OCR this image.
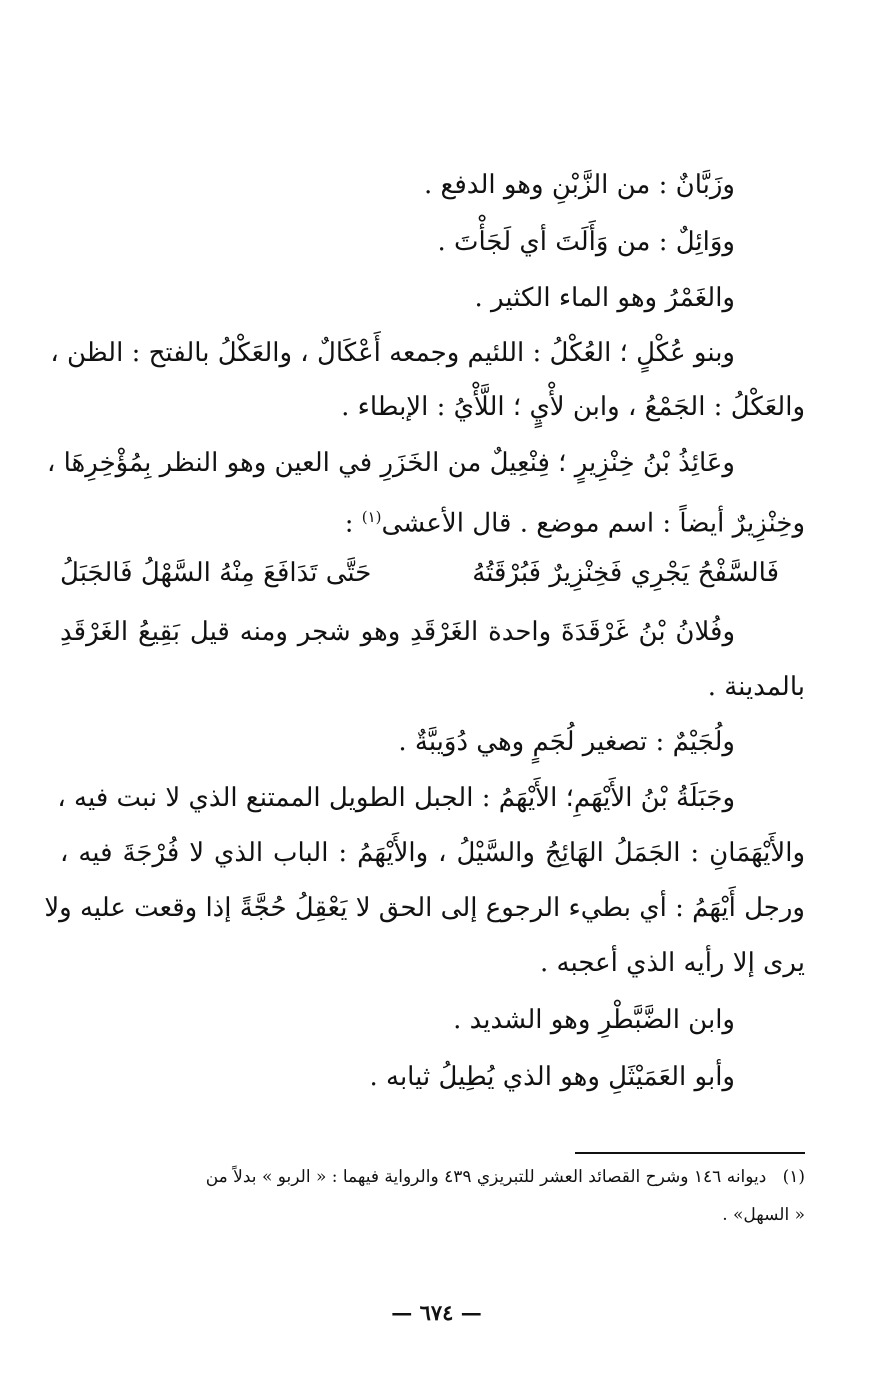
وزَبَّانٌ : من الزَّبْنِ وهو الدفع .
ووَائِلٌ : من وَأَلَتَ أي لَجَأْتَ .
والغَمْرُ وهو الماء الكثير .
وبنو عُكْلٍ ؛ العُكْلُ : اللئيم وجمعه أَعْكَالٌ ، والعَكْلُ بالفتح : الظن ،
والعَكْلُ : الجَمْعُ ، وابن لأْيٍ ؛ اللَّأْيُ : الإبطاء .
وعَائِذُ بْنُ خِنْزِيرٍ ؛ فِنْعِيلٌ من الخَزَرِ في العين وهو النظر بِمُؤْخِرِهَا ،
وخِنْزِيرٌ أيضاً : اسم موضع . قال الأعشى$^{(١)}$ :
فَالسَّفْحُ يَجْرِي فَخِنْزِيرٌ فَبُرْقَتُهُ
حَتَّى تَدَافَعَ مِنْهُ السَّهْلُ فَالجَبَلُ
وفُلانُ بْنُ غَرْقَدَةَ واحدة الغَرْقَدِ وهو شجر ومنه قيل بَقِيعُ الغَرْقَدِ
بالمدينة .
ولُجَيْمٌ : تصغير لُجَمٍ وهي دُوَيبَّةٌ .
وجَبَلَةُ بْنُ الأَيْهَمِ؛ الأَيْهَمُ : الجبل الطويل الممتنع الذي لا نبت فيه ،
والأَيْهَمَانِ : الجَمَلُ الهَائِجُ والسَّيْلُ ، والأَيْهَمُ : الباب الذي لا فُرْجَةَ فيه ،
ورجل أَيْهَمُ : أي بطيء الرجوع إلى الحق لا يَعْقِلُ حُجَّةً إذا وقعت عليه ولا
يرى إلا رأيه الذي أعجبه .
وابن الضَّبَّطْرِ وهو الشديد .
وأبو العَمَيْثَلِ وهو الذي يُطِيلُ ثيابه .
(١)   ديوانه ١٤٦ وشرح القصائد العشر للتبريزي ٤٣٩ والرواية فيهما : « الربو » بدلاً من
« السهل» .
— ٦٧٤ —
